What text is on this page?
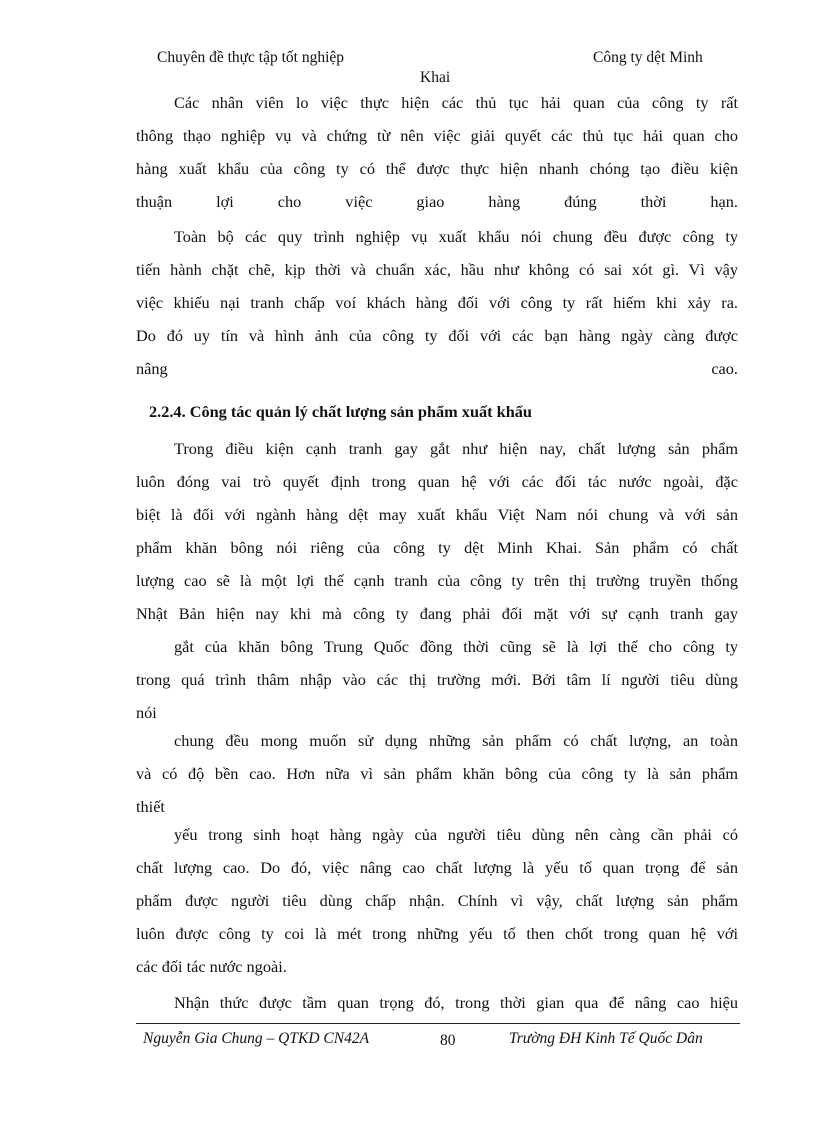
Chuyên đề thực tập tốt nghiệp	Công ty dệt Minh
Khai
Các nhân viên lo việc thực hiện các thủ tục hải quan của công ty rất
thông thạo nghiệp vụ và chứng từ nên việc giải quyết các thủ tục hải quan cho
hàng xuất khẩu của công ty có thể được thực hiện nhanh chóng tạo điều kiện
thuận lợi cho việc giao hàng đúng thời hạn.
Toàn bộ các quy trình nghiệp vụ xuất khẩu nói chung đều được công ty
tiến hành chặt chẽ, kịp thời và chuẩn xác, hầu như không có sai xót gì. Vì vậy
việc khiếu nại tranh chấp voí khách hàng đối với công ty rất hiếm khi xảy ra.
Do đó uy tín và hình ảnh của công ty đối với các bạn hàng ngày càng được
nâng	cao.
2.2.4. Công tác quản lý chất lượng sản phẩm xuất khẩu
Trong điều kiện cạnh tranh gay gắt như hiện nay, chất lượng sản phẩm
luôn đóng vai trò quyết định trong quan hệ với các đối tác nước ngoài, đặc
biệt là đối với ngành hàng dệt may xuất khẩu Việt Nam nói chung và với sản
phẩm khăn bông nói riêng của công ty dệt Minh Khai. Sản phẩm có chất
lượng cao sẽ là một lợi thế cạnh tranh của công ty trên thị trường truyền thống
Nhật Bản hiện nay khi mà công ty đang phải đối mặt với sự cạnh tranh gay
gắt của khăn bông Trung Quốc đồng thời cũng sẽ là lợi thế cho công ty
trong quá trình thâm nhập vào các thị trường mới. Bởi tâm lí người tiêu dùng
nói
chung đều mong muốn sử dụng những sản phẩm có chất lượng, an toàn
và có độ bền cao. Hơn nữa vì sản phẩm khăn bông của công ty là sản phẩm
thiết
yếu trong sinh hoạt hàng ngày của người tiêu dùng nên càng cần phải có
chất lượng cao. Do đó, việc nâng cao chất lượng là yếu tố quan trọng để sản
phẩm được người tiêu dùng chấp nhận. Chính vì vậy, chất lượng sản phẩm
luôn được công ty coi là mét trong những yếu tố then chốt trong quan hệ với
các đối tác nước ngoài.
Nhận thức được tầm quan trọng đó, trong thời gian qua để nâng cao hiệu
Nguyễn Gia Chung – QTKD CN42A	80	Trường ĐH Kinh Tế Quốc Dân
